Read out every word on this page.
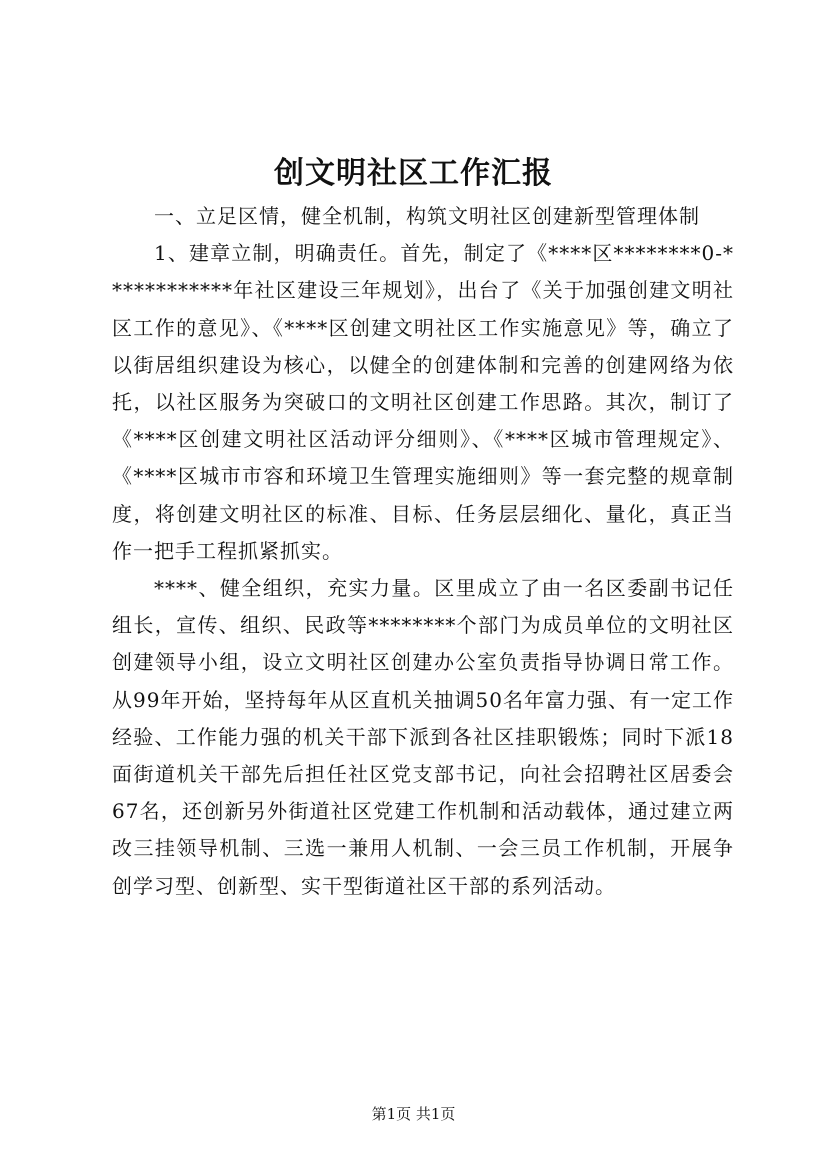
创文明社区工作汇报

一、立足区情，健全机制，构筑文明社区创建新型管理体制

1、建章立制，明确责任。首先，制定了《****区********0-************年社区建设三年规划》，出台了《关于加强创建文明社区工作的意见》、《****区创建文明社区工作实施意见》等，确立了以街居组织建设为核心，以健全的创建体制和完善的创建网络为依托，以社区服务为突破口的文明社区创建工作思路。其次，制订了《****区创建文明社区活动评分细则》、《****区城市管理规定》、《****区城市市容和环境卫生管理实施细则》等一套完整的规章制度，将创建文明社区的标准、目标、任务层层细化、量化，真正当作一把手工程抓紧抓实。

****、健全组织，充实力量。区里成立了由一名区委副书记任组长，宣传、组织、民政等********个部门为成员单位的文明社区创建领导小组，设立文明社区创建办公室负责指导协调日常工作。从99年开始，坚持每年从区直机关抽调50名年富力强、有一定工作经验、工作能力强的机关干部下派到各社区挂职锻炼；同时下派18面街道机关干部先后担任社区党支部书记，向社会招聘社区居委会67名，还创新另外街道社区党建工作机制和活动载体，通过建立两改三挂领导机制、三选一兼用人机制、一会三员工作机制，开展争创学习型、创新型、实干型街道社区干部的系列活动。

第1页 共1页
